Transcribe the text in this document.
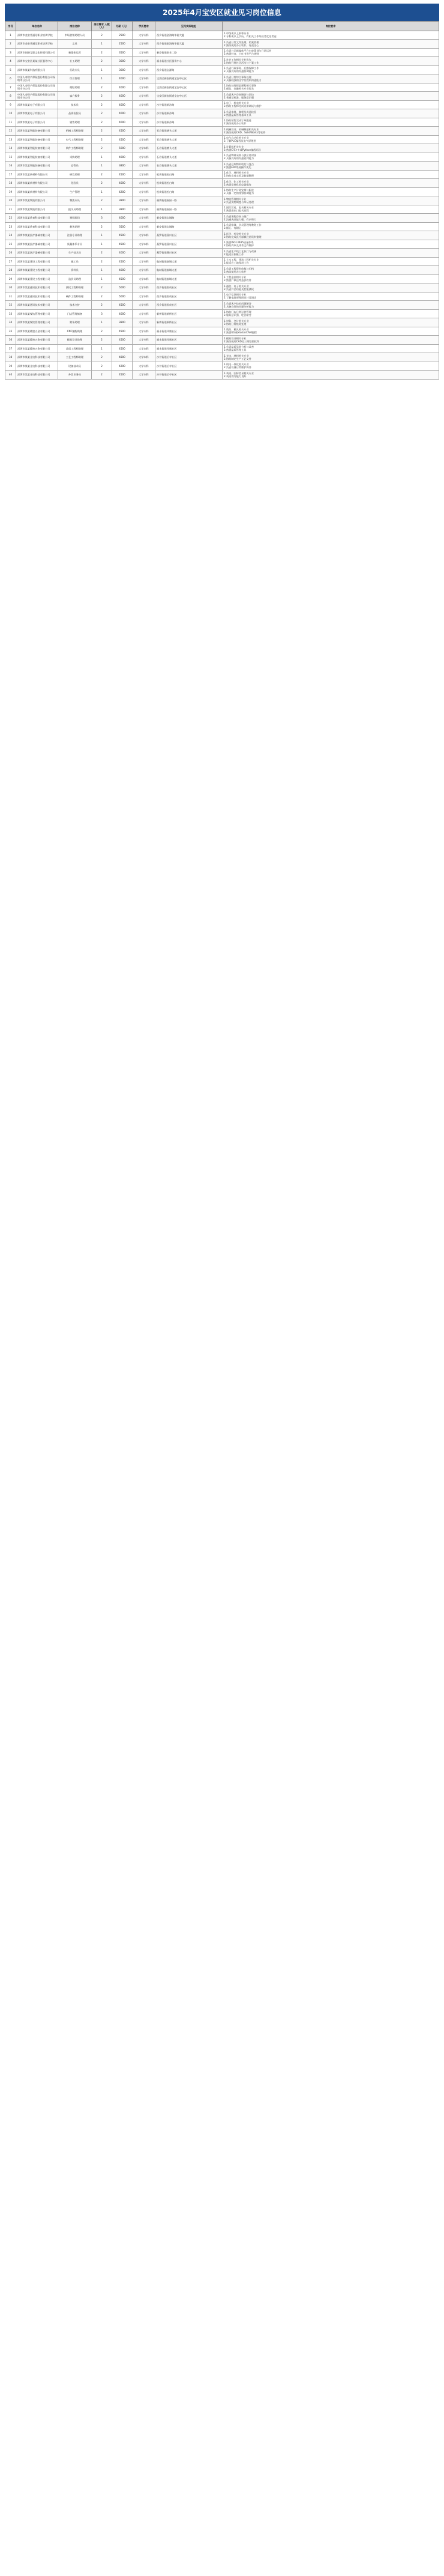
2025年4月宝安区就业见习岗位信息
序号	单位名称	岗位名称	岗位需求 人数（人）	月薪（元）	学历要求	见习实际地址	岗位要求
1	深圳市金安普通话职业培训学校	市场营销助理人员	2	2500	大学专科	西乡街道金海路华源大厦	1.中级或以上职称证书
2.专科或以上学历，有相关工作经验者优先考虑
2	深圳市金安普通话职业培训学校	文员	1	2500	大学专科	西乡街道金海路华源大厦	1.负责日常文件处理、档案管理
2.熟练使用办公软件，有责任心
3	深圳市创新互联文化传媒有限公司	新媒体运营	2	3500	大学专科	新安街道创业二路	1.负责公司新媒体平台内容策划与日常运营
2.熟悉抖音、小红书等平台规则
4	深圳市宝安区某某社区服务中心	社工助理	2	3000	大学专科	福永街道社区服务中心	1.社会工作相关专业优先
2.协助开展社区活动与个案工作
5	深圳市某某科技有限公司	行政专员	1	3000	大学专科	西乡街道宝源路	1.负责行政事务、后勤保障工作
2.具备良好的沟通协调能力
6	中国人寿财产保险股份有限公司深圳市分公司	综合管理	1	4000	大学本科	宝安区新安街道宝安中心区	1.负责日常综合事务处理
2.具备较强的文字功底和沟通能力
7	中国人寿财产保险股份有限公司深圳市分公司	理赔助理	2	4000	大学本科	宝安区新安街道宝安中心区	1.协助处理保险理赔相关事务
2.保险、金融相关专业优先
8	中国人寿财产保险股份有限公司深圳市分公司	客户服务	2	4000	大学专科	宝安区新安街道宝安中心区	1.负责客户咨询解答与回访
2.普通话标准，服务意识强
9	深圳市某某电子有限公司	技术员	2	4000	大学专科	沙井街道新沙路	1.电子、机电相关专业
2.协助工程师完成设备调试与维护
10	深圳市某某电子有限公司	品质检验员	2	4000	大学专科	沙井街道新沙路	1.负责来料、制程及成品检验
2.熟悉品质管理基本工具
11	深圳市某某电子有限公司	销售助理	2	4000	大学专科	沙井街道新沙路	1.协助销售完成订单跟进
2.熟练使用办公软件
12	深圳市某某智能装备有限公司	机械工程师助理	2	4500	大学本科	石岩街道塘头大道	1.机械设计、机械制造相关专业
2.熟练使用CAD、SolidWorks等软件
13	深圳市某某智能装备有限公司	电气工程师助理	2	4500	大学本科	石岩街道塘头大道	1.电气自动化相关专业
2.了解PLC编程及电气原理图
14	深圳市某某智能装备有限公司	软件工程师助理	2	5000	大学本科	石岩街道塘头大道	1.计算机相关专业
2.熟悉C/C++或Python编程语言
15	深圳市某某智能装备有限公司	采购助理	1	4000	大学专科	石岩街道塘头大道	1.负责物料采购与供应商对接
2.具备良好的沟通谈判能力
16	深圳市某某智能装备有限公司	仓管员	1	3800	大学专科	石岩街道塘头大道	1.负责仓库物料收发与盘点
2.熟悉ERP系统操作优先
17	深圳市某某新材料有限公司	研发助理	2	4500	大学本科	松岗街道松白路	1.化学、材料相关专业
2.协助完成实验及数据整理
18	深圳市某某新材料有限公司	化验员	2	4000	大学专科	松岗街道松白路	1.化学、化工相关专业
2.熟悉常规化验仪器操作
19	深圳市某某新材料有限公司	生产管理	1	4200	大学专科	松岗街道松白路	1.协助生产计划安排与跟进
2.具备一定的统筹协调能力
20	深圳市某某物流有限公司	物流专员	2	3800	大学专科	福海街道福园一路	1.物流管理相关专业
2.负责货物调度与单证处理
21	深圳市某某物流有限公司	报关员助理	1	3800	大学专科	福海街道福园一路	1.国际贸易、报关相关专业
2.熟悉进出口报关流程
22	深圳市某某教育科技有限公司	课程顾问	3	4000	大学专科	新安街道宝城路	1.负责课程咨询与推广
2.沟通表达能力强，有亲和力
23	深圳市某某教育科技有限公司	教务助理	2	3500	大学专科	新安街道宝城路	1.负责排课、学员管理等教务工作
2.细心、有耐心
24	深圳市某某医疗器械有限公司	注册专员助理	1	4500	大学本科	燕罗街道燕川社区	1.医学、药学相关专业
2.协助完成医疗器械注册资料整理
25	深圳市某某医疗器械有限公司	质量体系专员	1	4500	大学本科	燕罗街道燕川社区	1.熟悉ISO13485质量体系
2.协助内审及体系文件维护
26	深圳市某某医疗器械有限公司	生产技术员	2	4000	大学专科	燕罗街道燕川社区	1.负责生产线工艺执行与改善
2.能适应倒班工作
27	深圳市某某建设工程有限公司	施工员	2	4500	大学专科	航城街道航城大道	1.土木工程、建筑工程相关专业
2.能适应工地现场工作
28	深圳市某某建设工程有限公司	资料员	1	4000	大学专科	航城街道航城大道	1.负责工程资料收集与归档
2.熟练使用办公软件
29	深圳市某某建设工程有限公司	造价员助理	1	4500	大学本科	航城街道航城大道	1.工程造价相关专业
2.熟悉广联达等造价软件
30	深圳市某某通讯技术有限公司	测试工程师助理	2	5000	大学本科	西乡街道固戍社区	1.通信、电子相关专业
2.负责产品功能及性能测试
31	深圳市某某通讯技术有限公司	硬件工程师助理	2	5000	大学本科	西乡街道固戍社区	1.电子信息相关专业
2.了解电路原理图设计及调试
32	深圳市某某通讯技术有限公司	技术支持	2	4500	大学专科	西乡街道固戍社区	1.负责客户技术问题解答
2.具备良好的问题分析能力
33	深圳市某某餐饮管理有限公司	门店管理储备	3	4000	大学专科	新桥街道新桥社区	1.协助门店日常运营管理
2.服务意识强，吃苦耐劳
34	深圳市某某餐饮管理有限公司	财务助理	1	3800	大学专科	新桥街道新桥社区	1.财务、会计相关专业
2.协助日常账务处理
35	深圳市某某精密五金有限公司	CNC编程助理	2	4500	大学专科	福永街道凤凰社区	1.数控、模具相关专业
2.熟悉UG或MasterCAM编程
36	深圳市某某精密五金有限公司	模具设计助理	2	4500	大学专科	福永街道凤凰社区	1.模具设计相关专业
2.熟练使用CAD及三维绘图软件
37	深圳市某某精密五金有限公司	品质工程师助理	1	4500	大学本科	福永街道凤凰社区	1.负责品质异常分析与改善
2.熟悉品质管理工具
38	深圳市某某光电科技有限公司	工艺工程师助理	2	4800	大学本科	沙井街道后亭社区	1.光电、材料相关专业
2.协助制定生产工艺文件
39	深圳市某某光电科技有限公司	设备技术员	2	4200	大学专科	沙井街道后亭社区	1.机电一体化相关专业
2.负责设备日常维护保养
40	深圳市某某光电科技有限公司	外贸业务员	2	4500	大学本科	沙井街道后亭社区	1.英语、国际贸易相关专业
2.英语读写能力良好
